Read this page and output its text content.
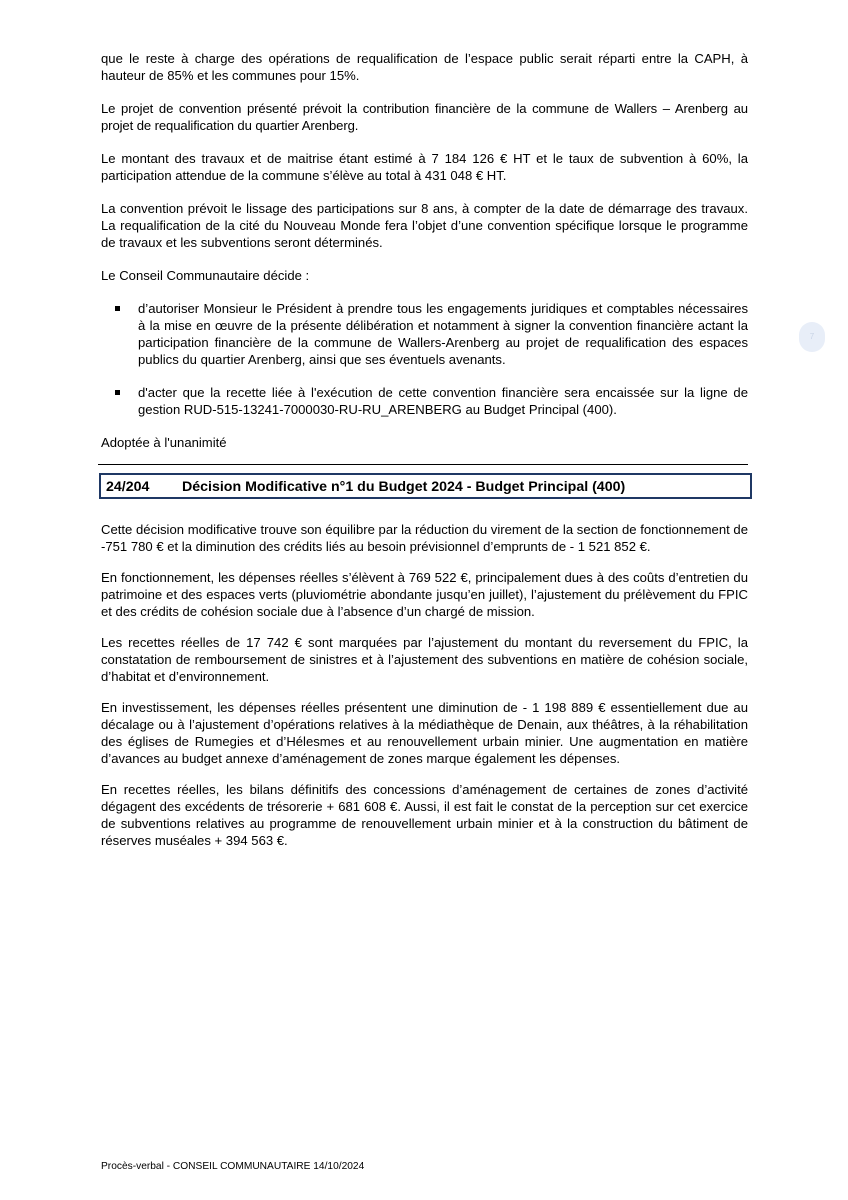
que le reste à charge des opérations de requalification de l’espace public serait réparti entre la CAPH, à hauteur de 85% et les communes pour 15%.

Le projet de convention présenté prévoit la contribution financière de la commune de Wallers – Arenberg au projet de requalification du quartier Arenberg.

Le montant des travaux et de maitrise étant estimé à 7 184 126 € HT et le taux de subvention à 60%, la participation attendue de la commune s’élève au total à 431 048 € HT.

La convention prévoit le lissage des participations sur 8 ans, à compter de la date de démarrage des travaux. La requalification de la cité du Nouveau Monde fera l’objet d’une convention spécifique lorsque le programme de travaux et les subventions seront déterminés.

Le Conseil Communautaire décide :

d’autoriser Monsieur le Président à prendre tous les engagements juridiques et comptables nécessaires à la mise en œuvre de la présente délibération et notamment à signer la convention financière actant la participation financière de la commune de Wallers-Arenberg au projet de requalification des espaces publics du quartier Arenberg, ainsi que ses éventuels avenants.
d'acter que la recette liée à l'exécution de cette convention financière sera encaissée sur la ligne de gestion RUD-515-13241-7000030-RU-RU_ARENBERG au Budget Principal (400).

Adoptée à l'unanimité

24/204 Décision Modificative n°1 du Budget 2024 - Budget Principal (400)

Cette décision modificative trouve son équilibre par la réduction du virement de la section de fonctionnement de -751 780 € et la diminution des crédits liés au besoin prévisionnel d’emprunts de - 1 521 852 €.

En fonctionnement, les dépenses réelles s’élèvent à 769 522 €, principalement dues à des coûts d’entretien du patrimoine et des espaces verts (pluviométrie abondante jusqu’en juillet), l’ajustement du prélèvement du FPIC et des crédits de cohésion sociale due à l’absence d’un chargé de mission.

Les recettes réelles de 17 742 € sont marquées par l’ajustement du montant du reversement du FPIC, la constatation de remboursement de sinistres et à l’ajustement des subventions en matière de cohésion sociale, d’habitat et d’environnement.

En investissement, les dépenses réelles présentent une diminution de - 1 198 889 € essentiellement due au décalage ou à l’ajustement d’opérations relatives à la médiathèque de Denain, aux théâtres, à la réhabilitation des églises de Rumegies et d’Hélesmes et au renouvellement urbain minier. Une augmentation en matière d’avances au budget annexe d’aménagement de zones marque également les dépenses.

En recettes réelles, les bilans définitifs des concessions d’aménagement de certaines de zones d’activité dégagent des excédents de trésorerie + 681 608 €. Aussi, il est fait le constat de la perception sur cet exercice de subventions relatives au programme de renouvellement urbain minier et à la construction du bâtiment de réserves muséales + 394 563 €.

7
Procès-verbal - CONSEIL COMMUNAUTAIRE 14/10/2024
